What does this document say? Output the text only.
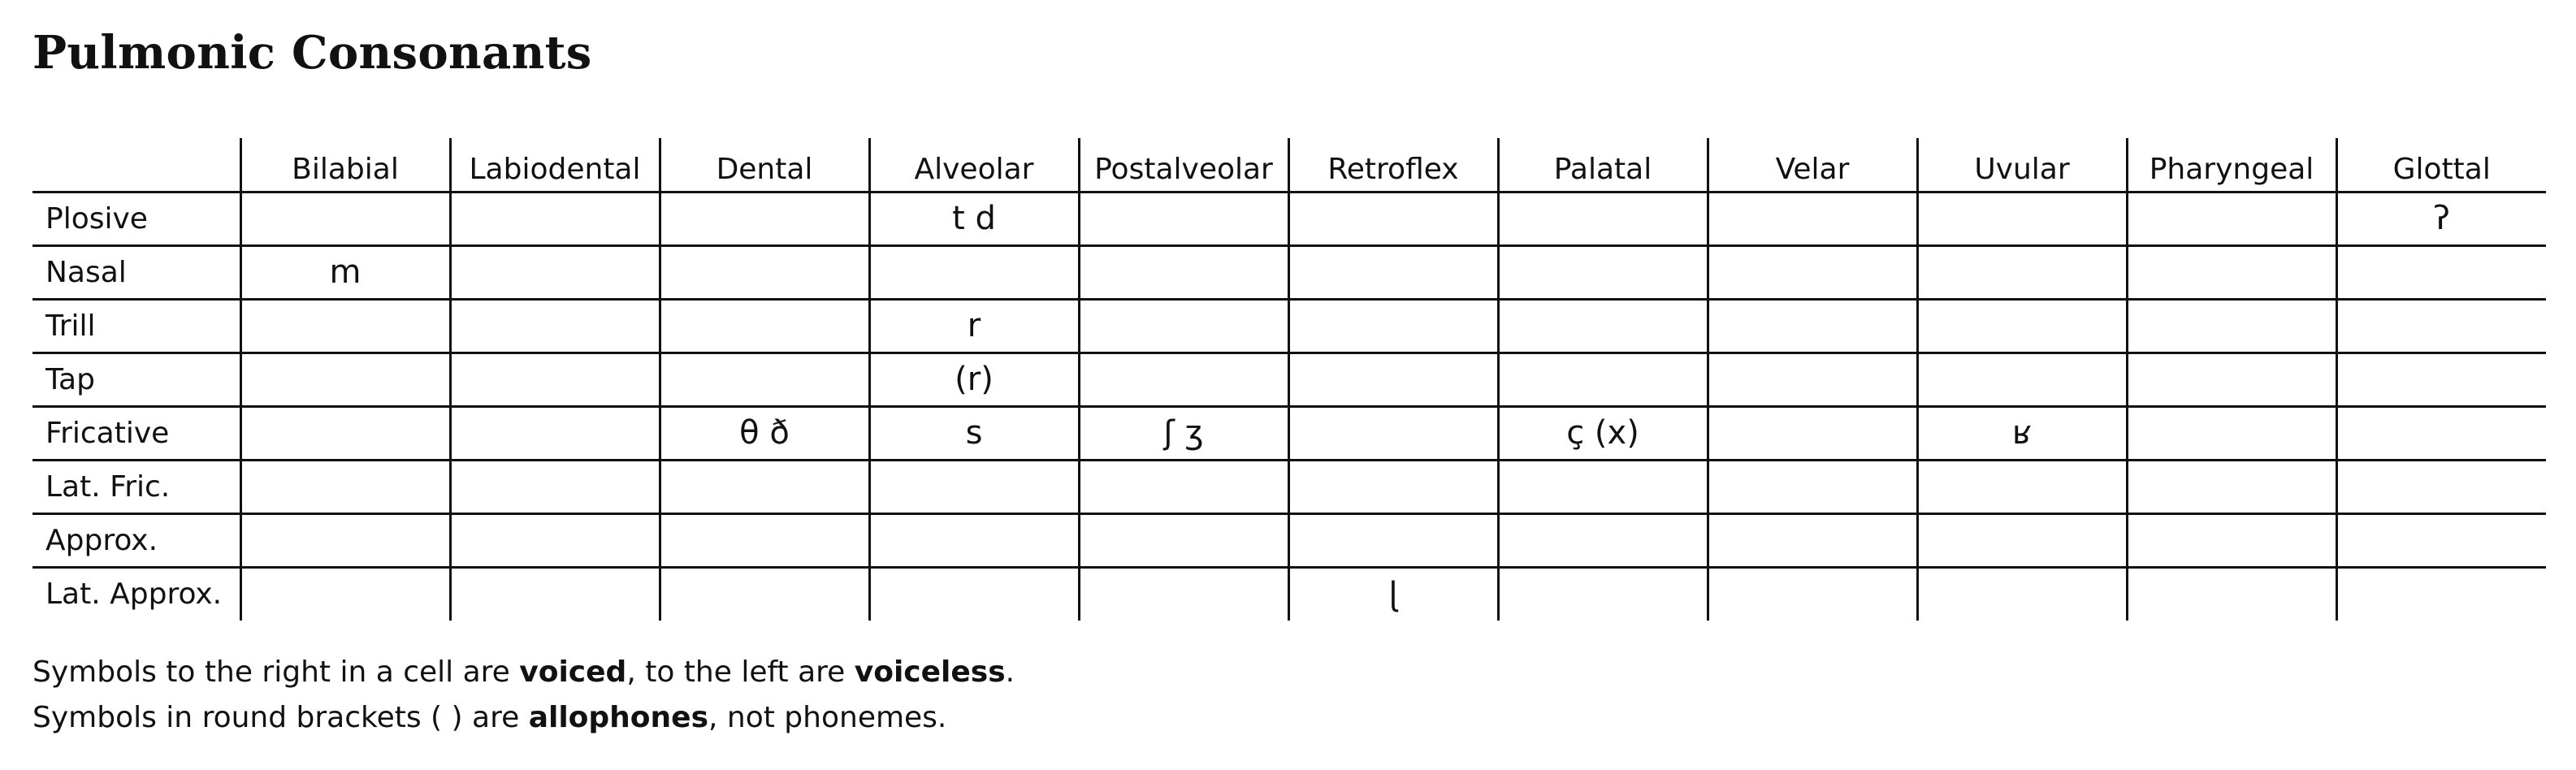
Pulmonic Consonants
	Bilabial	Labiodental	Dental	Alveolar	Postalveolar	Retroflex	Palatal	Velar	Uvular	Pharyngeal	Glottal
Plosive				t d							ʔ
Nasal	m										
Trill				r							
Tap				(r)							
Fricative			θ ð	s	ʃ ʒ		ç (x)		ʁ		
Lat. Fric.											
Approx.											
Lat. Approx.						ɭ					

Symbols to the right in a cell are voiced, to the left are voiceless.

Symbols in round brackets ( ) are allophones, not phonemes.
